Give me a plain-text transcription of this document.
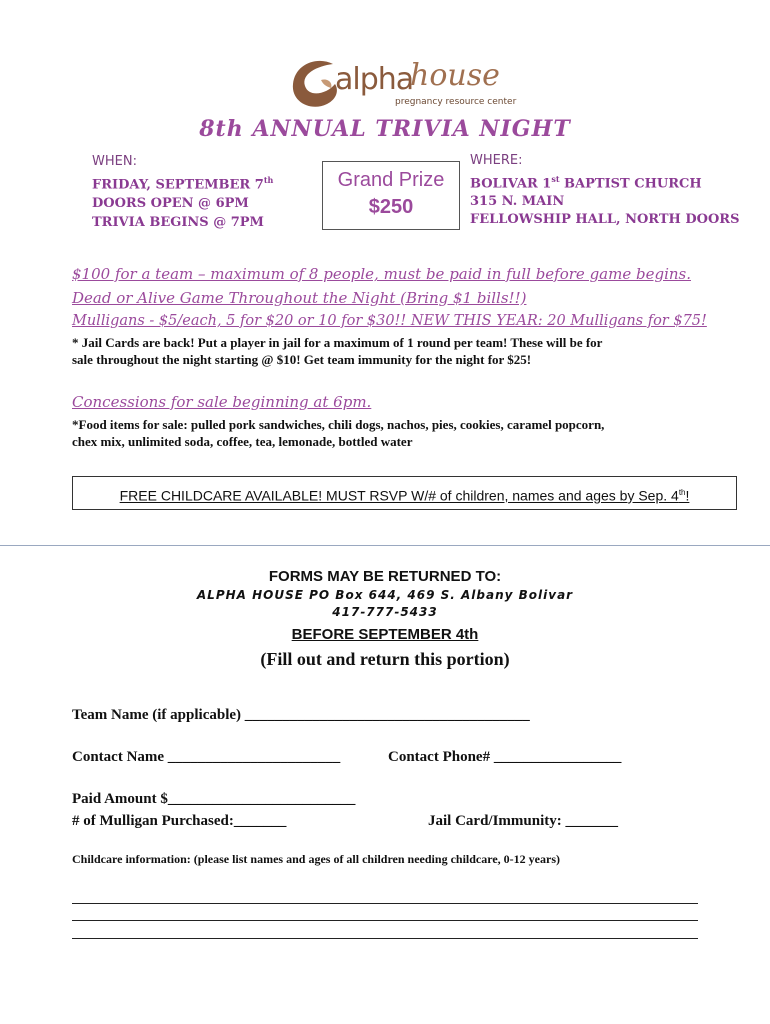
alpha
house
pregnancy resource center
8th ANNUAL TRIVIA NIGHT
WHEN:
FRIDAY, SEPTEMBER 7th
DOORS OPEN @ 6PM
TRIVIA BEGINS @ 7PM
Grand Prize
$250
WHERE:
BOLIVAR 1st BAPTIST CHURCH
315 N. MAIN
FELLOWSHIP HALL, NORTH DOORS
$100 for a team – maximum of 8 people, must be paid in full before game begins.
Dead or Alive Game Throughout the Night (Bring $1 bills!!)
Mulligans - $5/each, 5 for $20 or 10 for $30!! NEW THIS YEAR: 20 Mulligans for $75!
* Jail Cards are back! Put a player in jail for a maximum of 1 round per team! These will be for
sale throughout the night starting @ $10! Get team immunity for the night for $25!
Concessions for sale beginning at 6pm.
*Food items for sale: pulled pork sandwiches, chili dogs, nachos, pies, cookies, caramel popcorn,
chex mix, unlimited soda, coffee, tea, lemonade, bottled water
FREE CHILDCARE AVAILABLE! MUST RSVP W/# of children, names and ages by Sep. 4th!
FORMS MAY BE RETURNED TO:
ALPHA HOUSE PO Box 644, 469 S. Albany Bolivar
417-777-5433
BEFORE SEPTEMBER 4th
(Fill out and return this portion)
Team Name (if applicable) ______________________________________
Contact Name _______________________	Contact Phone# _________________
Paid Amount $_________________________
# of Mulligan Purchased:_______	Jail Card/Immunity: _______
Childcare information: (please list names and ages of all children needing childcare, 0-12 years)
